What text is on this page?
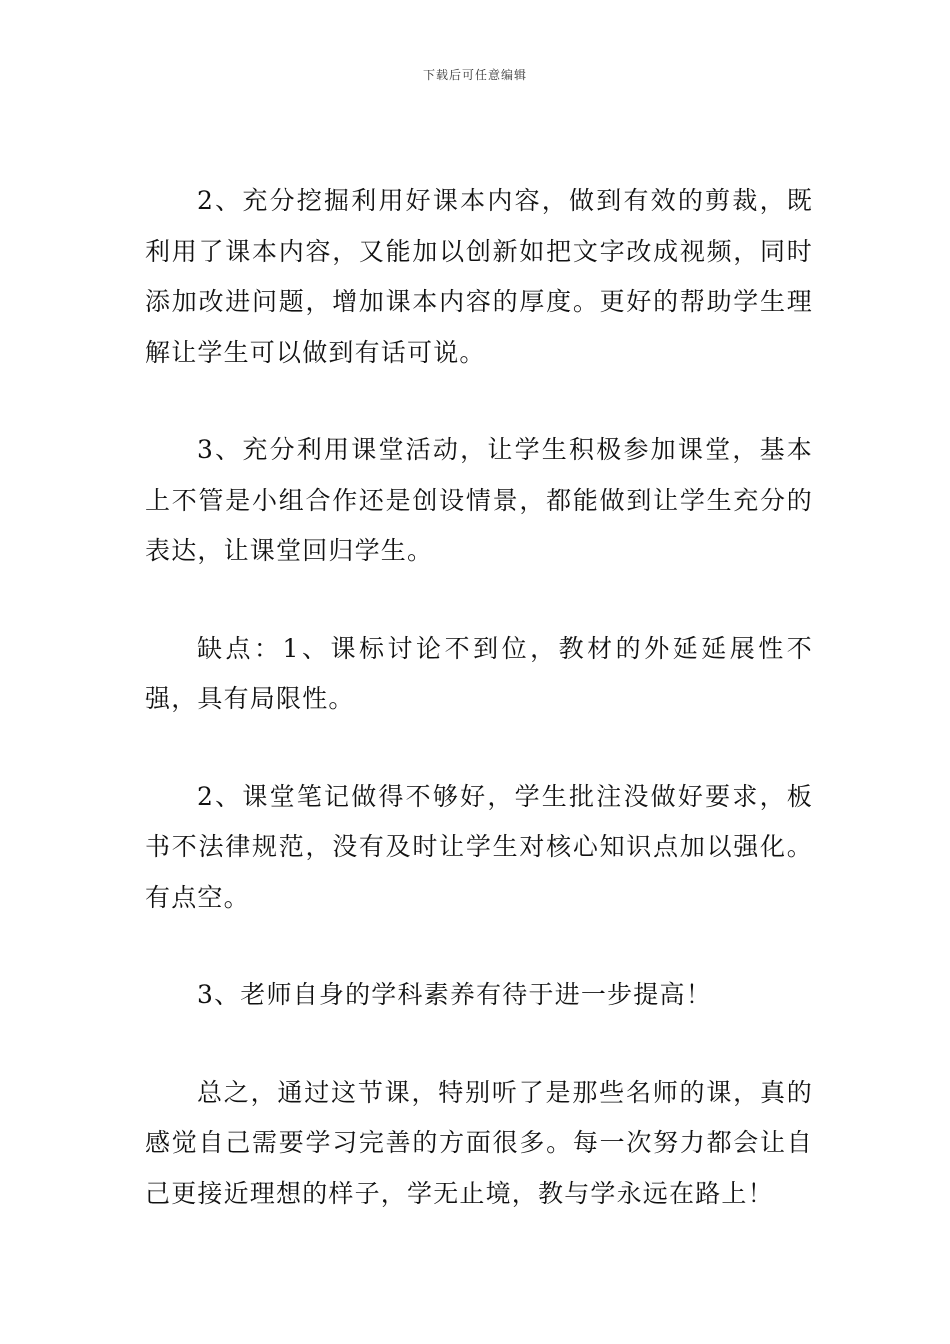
下载后可任意编辑

2、充分挖掘利用好课本内容，做到有效的剪裁，既利用了课本内容，又能加以创新如把文字改成视频，同时添加改进问题，增加课本内容的厚度。更好的帮助学生理解让学生可以做到有话可说。

3、充分利用课堂活动，让学生积极参加课堂，基本上不管是小组合作还是创设情景，都能做到让学生充分的表达，让课堂回归学生。

缺点：1、课标讨论不到位，教材的外延延展性不强，具有局限性。

2、课堂笔记做得不够好，学生批注没做好要求，板书不法律规范，没有及时让学生对核心知识点加以强化。有点空。

3、老师自身的学科素养有待于进一步提高！

总之，通过这节课，特别听了是那些名师的课，真的感觉自己需要学习完善的方面很多。每一次努力都会让自己更接近理想的样子，学无止境，教与学永远在路上！
